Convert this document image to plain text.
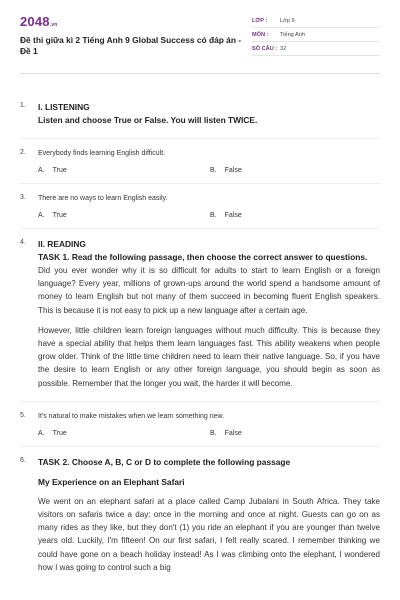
2048.vn
Đề thi giữa kì 2 Tiếng Anh 9 Global Success có đáp án - Đề 1
LỚP :	Lớp 9
MÔN :	Tiếng Anh
SỐ CÂU : 32
1. I. LISTENING
Listen and choose True or False. You will listen TWICE.
2. Everybody finds learning English difficult.
A. True	B. False
3. There are no ways to learn English easily.
A. True	B. False
4. II. READING
TASK 1. Read the following passage, then choose the correct answer to questions.
Did you ever wonder why it is so difficult for adults to start to learn English or a foreign language? Every year, millions of grown-ups around the world spend a handsome amount of money to learn English but not many of them succeed in becoming fluent English speakers. This is because it is not easy to pick up a new language after a certain age.
However, little children learn foreign languages without much difficulty. This is because they have a special ability that helps them learn languages fast. This ability weakens when people grow older. Think of the little time children need to learn their native language. So, if you have the desire to learn English or any other foreign language, you should begin as soon as possible. Remember that the longer you wait, the harder it will become.
5. It's natural to make mistakes when we learn something new.
A. True	B. False
6. TASK 2. Choose A, B, C or D to complete the following passage
My Experience on an Elephant Safari
We went on an elephant safari at a place called Camp Jubalani in South Africa. They take visitors on safaris twice a day: once in the morning and once at night. Guests can go on as many rides as they like, but they don't (1) you ride an elephant if you are younger than twelve years old. Luckily, I'm fifteen! On our first safari, I felt really scared. I remember thinking we could have gone on a beach holiday instead! As I was climbing onto the elephant, I wondered how I was going to control such a big
